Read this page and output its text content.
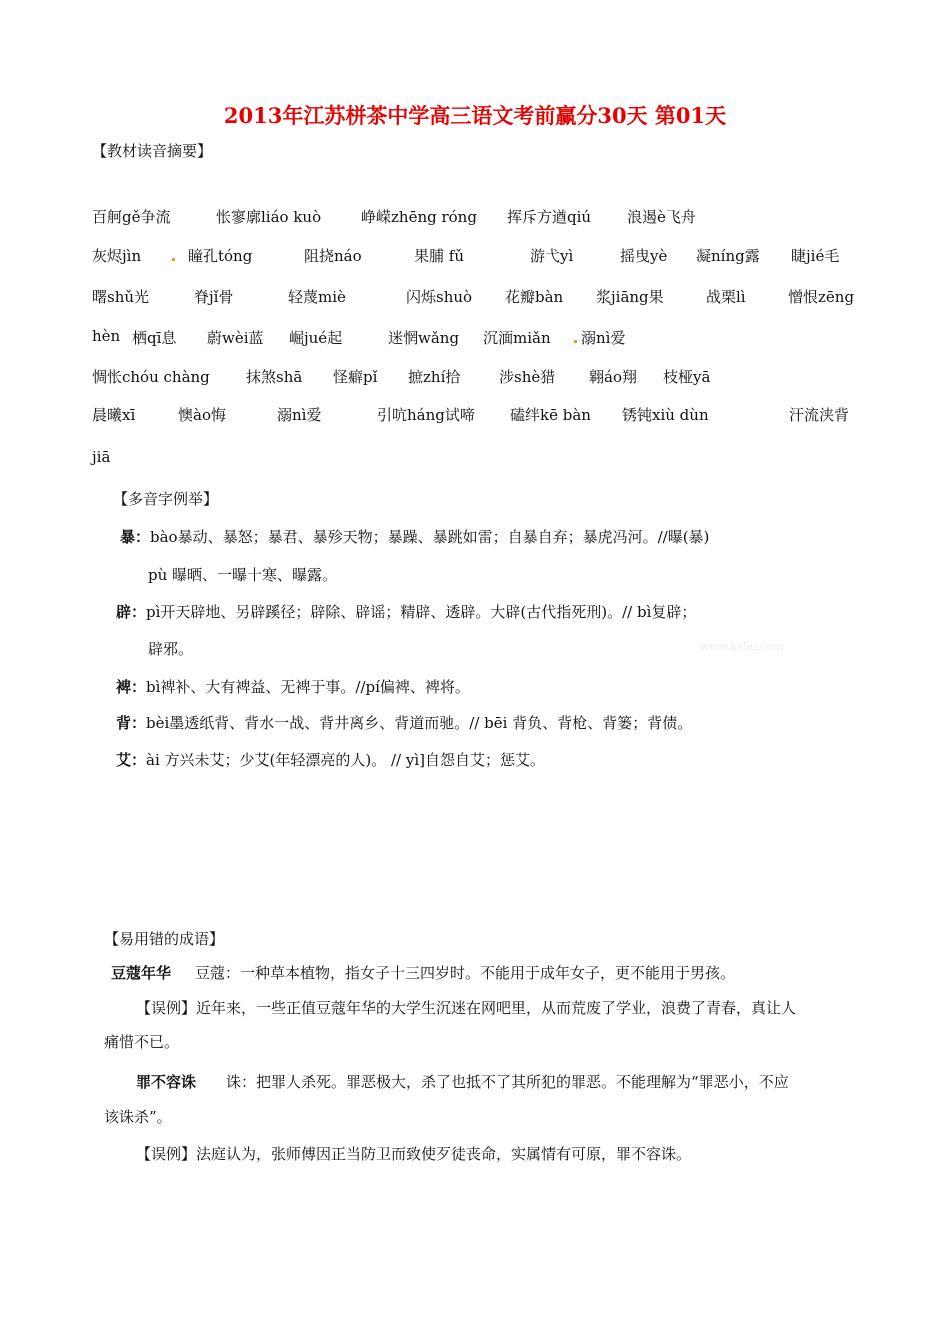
www.ks5u.com
2013年江苏栟茶中学高三语文考前赢分30天 第01天
【教材读音摘要】
百舸gě争流	怅寥廓liáo kuò	峥嵘zhēng róng 挥斥方遒qiú 浪遏è飞舟
灰烬jìn	瞳孔tóng	阻挠náo	果脯 fǔ	游弋yì	摇曳yè 凝níng露 睫jié毛
曙shǔ光	脊jǐ骨	轻蔑miè	闪烁shuò 花瓣bàn 浆jiāng果	战栗lì	憎恨zēng
hèn 栖qī息 蔚wèi蓝 崛jué起	迷惘wǎng 沉湎miǎn 溺nì爱
惆怅chóu chàng 抹煞shā 怪癖pǐ 摭zhí拾	涉shè猎 翱áo翔 枝桠yā
晨曦xī	懊ào悔	溺nì爱	引吭háng试啼 磕绊kē bàn 锈钝xiù dùn	汗流浃背
jiā
【多音字例举】
暴：bào暴动、暴怒；暴君、暴殄天物；暴躁、暴跳如雷；自暴自弃；暴虎冯河。//曝(暴)
pù 曝晒、一曝十寒、曝露。
辟：pì开天辟地、另辟蹊径；辟除、辟谣；精辟、透辟。大辟(古代指死刑)。// bì复辟；
辟邪。
裨：bì裨补、大有裨益、无裨于事。//pí偏裨、裨将。
背：bèi墨透纸背、背水一战、背井离乡、背道而驰。// bēi 背负、背枪、背篓；背债。
艾：ài 方兴未艾；少艾(年轻漂亮的人)。 // yì]自怨自艾；惩艾。
【易用错的成语】
豆蔻年华 豆蔻：一种草本植物，指女子十三四岁时。不能用于成年女子，更不能用于男孩。
【误例】近年来，一些正值豆蔻年华的大学生沉迷在网吧里，从而荒废了学业，浪费了青春，真让人
痛惜不已。
罪不容诛 诛：把罪人杀死。罪恶极大，杀了也抵不了其所犯的罪恶。不能理解为“罪恶小，不应
该诛杀”。
【误例】法庭认为，张师傅因正当防卫而致使歹徒丧命，实属情有可原，罪不容诛。
